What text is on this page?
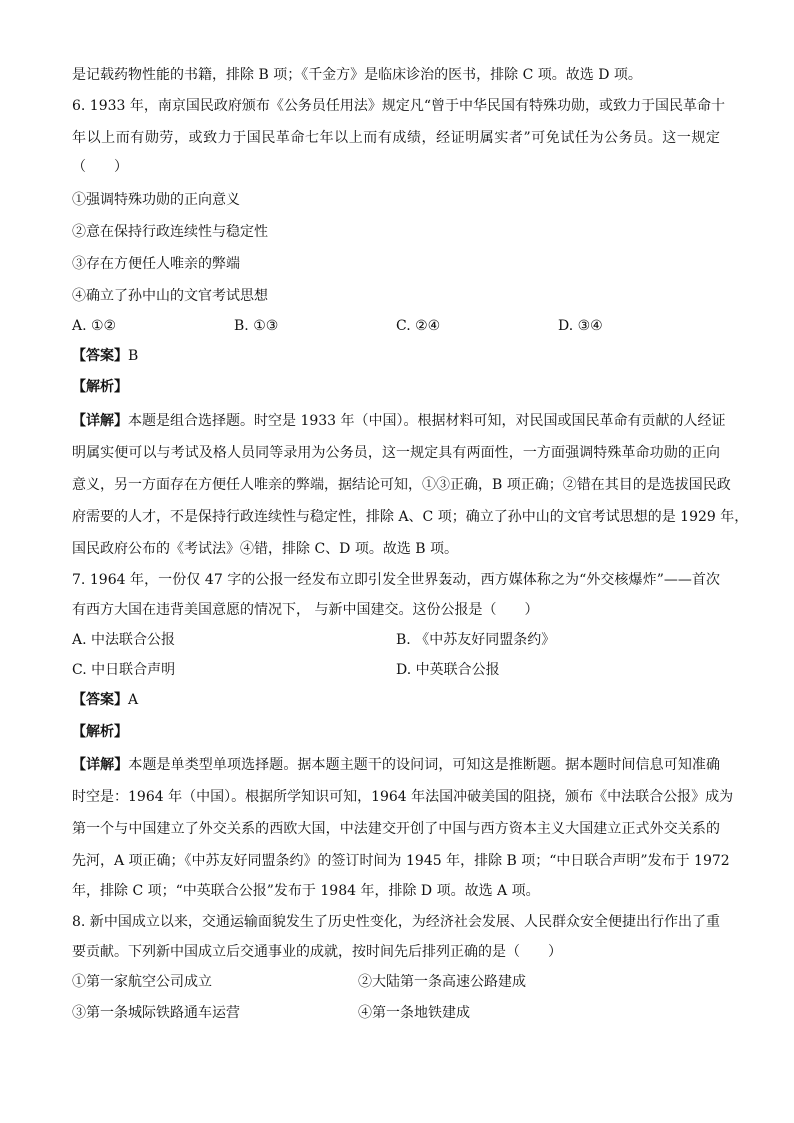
是记载药物性能的书籍，排除 B 项；《千金方》是临床诊治的医书，排除 C 项。故选 D 项。
6. 1933 年，南京国民政府颁布《公务员任用法》规定凡“曾于中华民国有特殊功勋，或致力于国民革命十
年以上而有勋劳，或致力于国民革命七年以上而有成绩，经证明属实者”可免试任为公务员。这一规定
（　　）
①强调特殊功勋的正向意义
②意在保持行政连续性与稳定性
③存在方便任人唯亲的弊端
④确立了孙中山的文官考试思想
A. ①②	B. ①③	C. ②④	D. ③④
【答案】B
【解析】
【详解】本题是组合选择题。时空是 1933 年（中国）。根据材料可知，对民国或国民革命有贡献的人经证
明属实便可以与考试及格人员同等录用为公务员，这一规定具有两面性，一方面强调特殊革命功勋的正向
意义，另一方面存在方便任人唯亲的弊端，据结论可知，①③正确，B 项正确；②错在其目的是选拔国民政
府需要的人才，不是保持行政连续性与稳定性，排除 A、C 项；确立了孙中山的文官考试思想的是 1929 年，
国民政府公布的《考试法》④错，排除 C、D 项。故选 B 项。
7. 1964 年，一份仅 47 字的公报一经发布立即引发全世界轰动，西方媒体称之为“外交核爆炸”——首次
有西方大国在违背美国意愿的情况下， 与新中国建交。这份公报是（　　）
A. 中法联合公报	B. 《中苏友好同盟条约》
C. 中日联合声明	D. 中英联合公报
【答案】A
【解析】
【详解】本题是单类型单项选择题。据本题主题干的设问词，可知这是推断题。据本题时间信息可知准确
时空是：1964 年（中国）。根据所学知识可知，1964 年法国冲破美国的阻挠，颁布《中法联合公报》成为
第一个与中国建立了外交关系的西欧大国，中法建交开创了中国与西方资本主义大国建立正式外交关系的
先河，A 项正确；《中苏友好同盟条约》的签订时间为 1945 年，排除 B 项；“中日联合声明”发布于 1972
年，排除 C 项；“中英联合公报”发布于 1984 年，排除 D 项。故选 A 项。
8. 新中国成立以来，交通运输面貌发生了历史性变化，为经济社会发展、人民群众安全便捷出行作出了重
要贡献。下列新中国成立后交通事业的成就，按时间先后排列正确的是（　　）
①第一家航空公司成立	②大陆第一条高速公路建成
③第一条城际铁路通车运营	④第一条地铁建成
